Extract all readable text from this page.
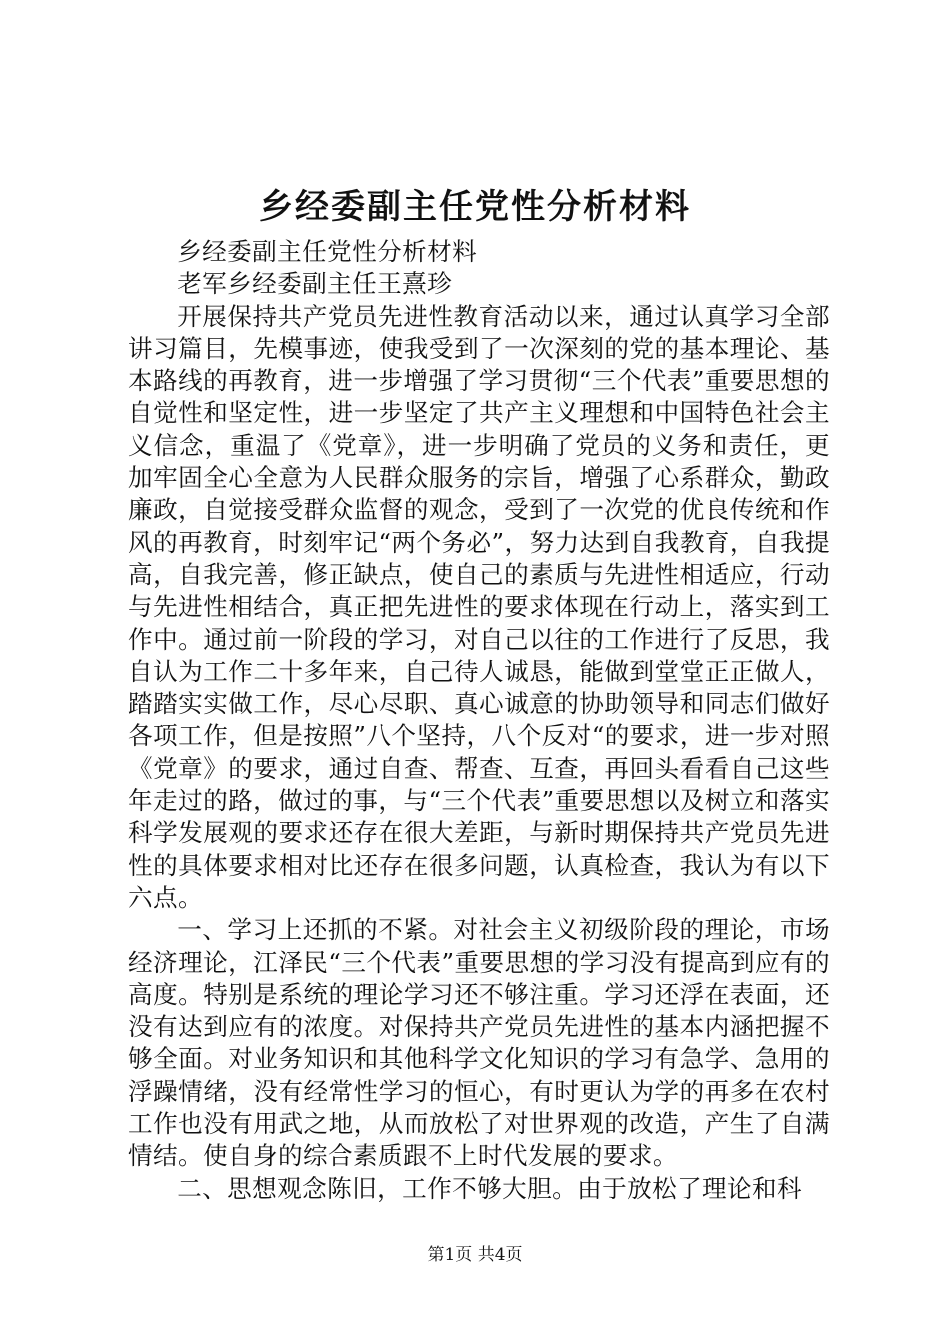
乡经委副主任党性分析材料

乡经委副主任党性分析材料

老军乡经委副主任王熹珍

开展保持共产党员先进性教育活动以来，通过认真学习全部讲习篇目，先模事迹，使我受到了一次深刻的党的基本理论、基本路线的再教育，进一步增强了学习贯彻“三个代表”重要思想的自觉性和坚定性，进一步坚定了共产主义理想和中国特色社会主义信念，重温了《党章》，进一步明确了党员的义务和责任，更加牢固全心全意为人民群众服务的宗旨，增强了心系群众，勤政廉政，自觉接受群众监督的观念，受到了一次党的优良传统和作风的再教育，时刻牢记“两个务必”，努力达到自我教育，自我提高，自我完善，修正缺点，使自己的素质与先进性相适应，行动与先进性相结合，真正把先进性的要求体现在行动上，落实到工作中。通过前一阶段的学习，对自己以往的工作进行了反思，我自认为工作二十多年来，自己待人诚恳，能做到堂堂正正做人，踏踏实实做工作，尽心尽职、真心诚意的协助领导和同志们做好各项工作，但是按照”八个坚持，八个反对“的要求，进一步对照《党章》的要求，通过自查、帮查、互查，再回头看看自己这些年走过的路，做过的事，与“三个代表”重要思想以及树立和落实科学发展观的要求还存在很大差距，与新时期保持共产党员先进性的具体要求相对比还存在很多问题，认真检查，我认为有以下六点。

一、学习上还抓的不紧。对社会主义初级阶段的理论，市场经济理论，江泽民“三个代表”重要思想的学习没有提高到应有的高度。特别是系统的理论学习还不够注重。学习还浮在表面，还没有达到应有的浓度。对保持共产党员先进性的基本内涵把握不够全面。对业务知识和其他科学文化知识的学习有急学、急用的浮躁情绪，没有经常性学习的恒心，有时更认为学的再多在农村工作也没有用武之地，从而放松了对世界观的改造，产生了自满情结。使自身的综合素质跟不上时代发展的要求。

二、思想观念陈旧，工作不够大胆。由于放松了理论和科

第1页 共4页
